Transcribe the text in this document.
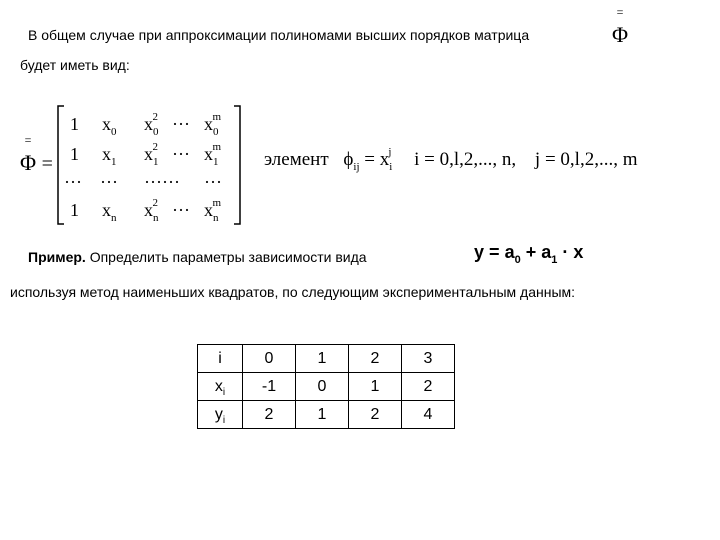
В общем случае при аппроксимации полиномами высших порядков матрица
=
Φ
будет иметь вид:
=
Φ =
1 $x_0$ $x_0^2$ ··· $x_0^m$
1 $x_1$ $x_1^2$ ··· $x_1^m$
··· ··· ······ ···
1 $x_n$ $x_n^2$ ··· $x_n^m$
элемент $\phi_{ij} = x_i^j$ i = 0,l,2,..., n, j = 0,l,2,..., m
Пример. Определить параметры зависимости вида	$y = a_0 + a_1 \cdot x$
используя метод наименьших квадратов, по следующим экспериментальным данным:
i	0	1	2	3
$x_i$	-1	0	1	2
$y_i$	2	1	2	4
